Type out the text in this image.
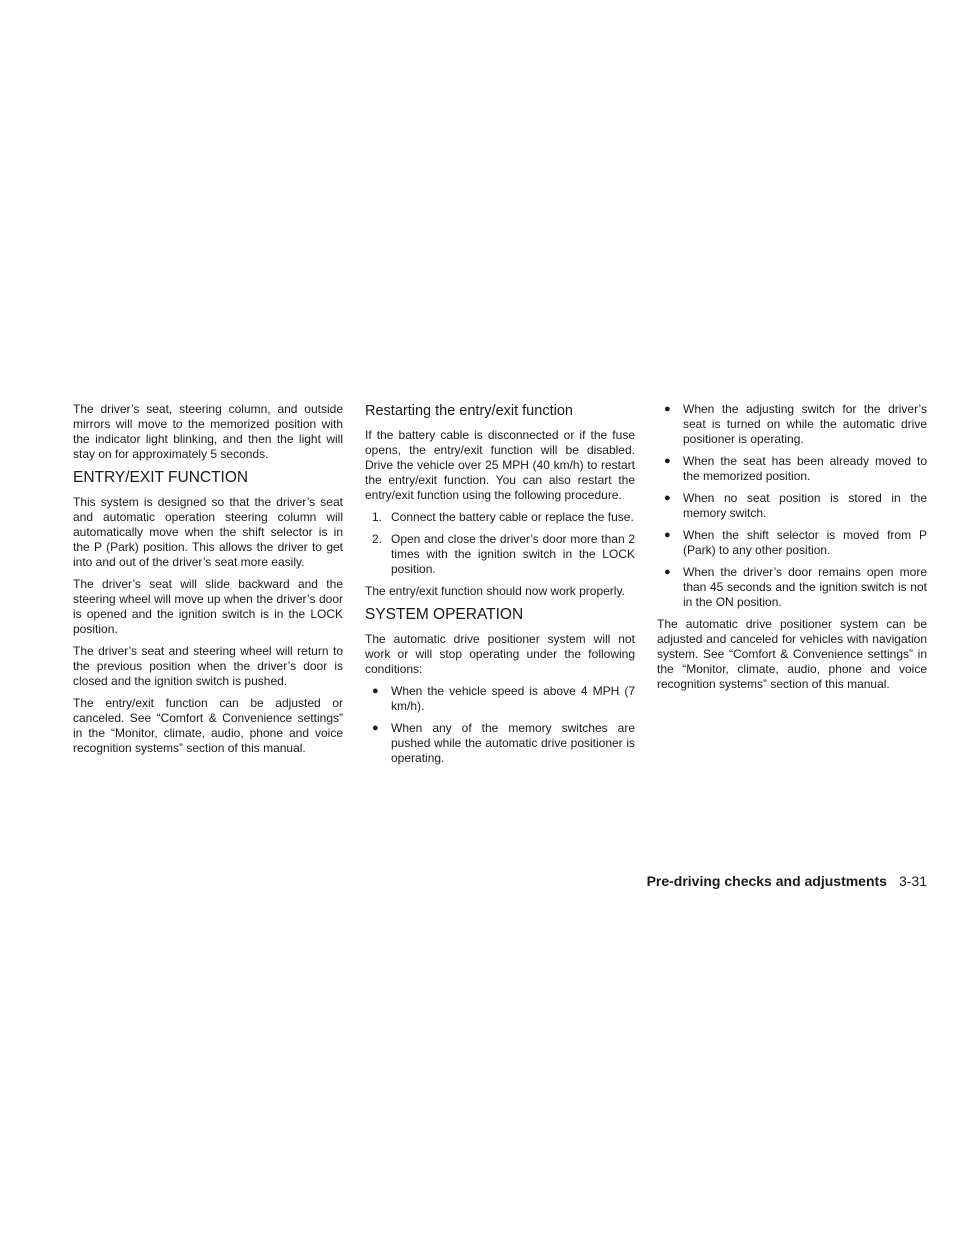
The driver’s seat, steering column, and outside mirrors will move to the memorized position with the indicator light blinking, and then the light will stay on for approximately 5 seconds.

ENTRY/EXIT FUNCTION

This system is designed so that the driver’s seat and automatic operation steering column will automatically move when the shift selector is in the P (Park) position. This allows the driver to get into and out of the driver’s seat more easily.

The driver’s seat will slide backward and the steering wheel will move up when the driver’s door is opened and the ignition switch is in the LOCK position.

The driver’s seat and steering wheel will return to the previous position when the driver’s door is closed and the ignition switch is pushed.

The entry/exit function can be adjusted or canceled. See “Comfort & Convenience settings” in the “Monitor, climate, audio, phone and voice recognition systems” section of this manual.

Restarting the entry/exit function

If the battery cable is disconnected or if the fuse opens, the entry/exit function will be disabled. Drive the vehicle over 25 MPH (40 km/h) to restart the entry/exit function. You can also restart the entry/exit function using the following procedure.

1. Connect the battery cable or replace the fuse.
2. Open and close the driver’s door more than 2 times with the ignition switch in the LOCK position.

The entry/exit function should now work properly.

SYSTEM OPERATION

The automatic drive positioner system will not work or will stop operating under the following conditions:

● When the vehicle speed is above 4 MPH (7 km/h).
● When any of the memory switches are pushed while the automatic drive positioner is operating.
● When the adjusting switch for the driver’s seat is turned on while the automatic drive positioner is operating.
● When the seat has been already moved to the memorized position.
● When no seat position is stored in the memory switch.
● When the shift selector is moved from P (Park) to any other position.
● When the driver’s door remains open more than 45 seconds and the ignition switch is not in the ON position.

The automatic drive positioner system can be adjusted and canceled for vehicles with navigation system. See “Comfort & Convenience settings” in the “Monitor, climate, audio, phone and voice recognition systems” section of this manual.

Pre-driving checks and adjustments 3-31
